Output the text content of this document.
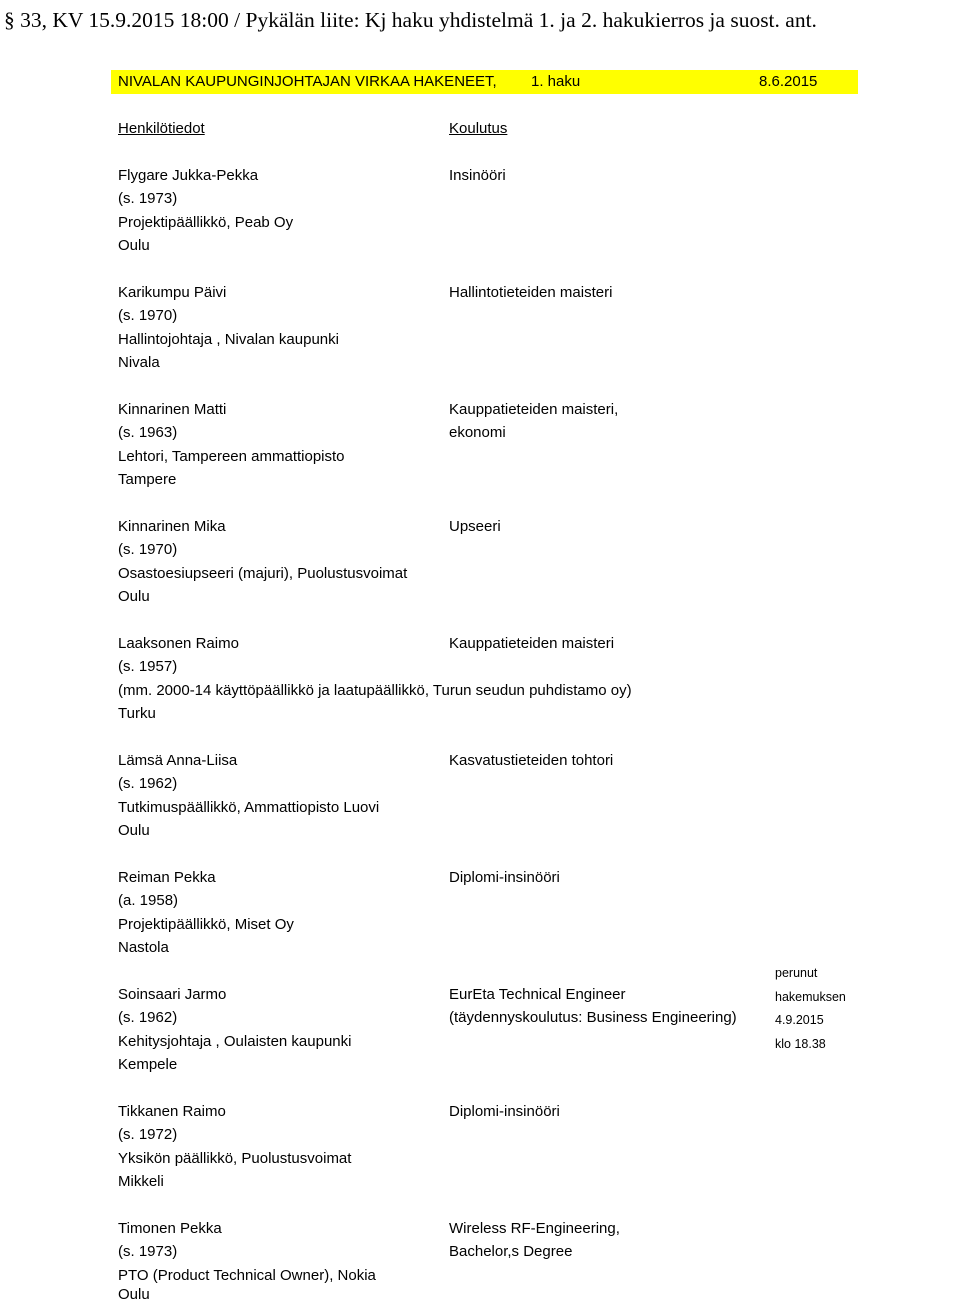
§ 33, KV 15.9.2015 18:00 / Pykälän liite: Kj haku yhdistelmä 1. ja 2. hakukierros ja suost. ant.
NIVALAN KAUPUNGINJOHTAJAN VIRKAA HAKENEET, 1. haku	8.6.2015
Henkilötiedot	Koulutus
Flygare Jukka-Pekka
(s. 1973)
Projektipäällikkö, Peab Oy
Oulu
Insinööri
Karikumpu Päivi
(s. 1970)
Hallintojohtaja , Nivalan kaupunki
Nivala
Hallintotieteiden maisteri
Kinnarinen Matti
(s. 1963)
Lehtori, Tampereen ammattiopisto
Tampere
Kauppatieteiden maisteri,
ekonomi
Kinnarinen Mika
(s. 1970)
Osastoesiupseeri (majuri), Puolustusvoimat
Oulu
Upseeri
Laaksonen Raimo
(s. 1957)
(mm. 2000-14 käyttöpäällikkö ja laatupäällikkö, Turun seudun puhdistamo oy)
Turku
Kauppatieteiden maisteri
Lämsä Anna-Liisa
(s. 1962)
Tutkimuspäällikkö, Ammattiopisto Luovi
Oulu
Kasvatustieteiden tohtori
Reiman Pekka
(a. 1958)
Projektipäällikkö, Miset Oy
Nastola
Diplomi-insinööri
Soinsaari Jarmo
(s. 1962)
Kehitysjohtaja , Oulaisten kaupunki
Kempele
EurEta Technical Engineer
(täydennyskoulutus: Business Engineering)
perunut
hakemuksen
4.9.2015
klo 18.38
Tikkanen Raimo
(s. 1972)
Yksikön päällikkö, Puolustusvoimat
Mikkeli
Diplomi-insinööri
Timonen Pekka
(s. 1973)
PTO (Product Technical Owner), Nokia
Oulu
Wireless RF-Engineering,
Bachelor,s Degree
